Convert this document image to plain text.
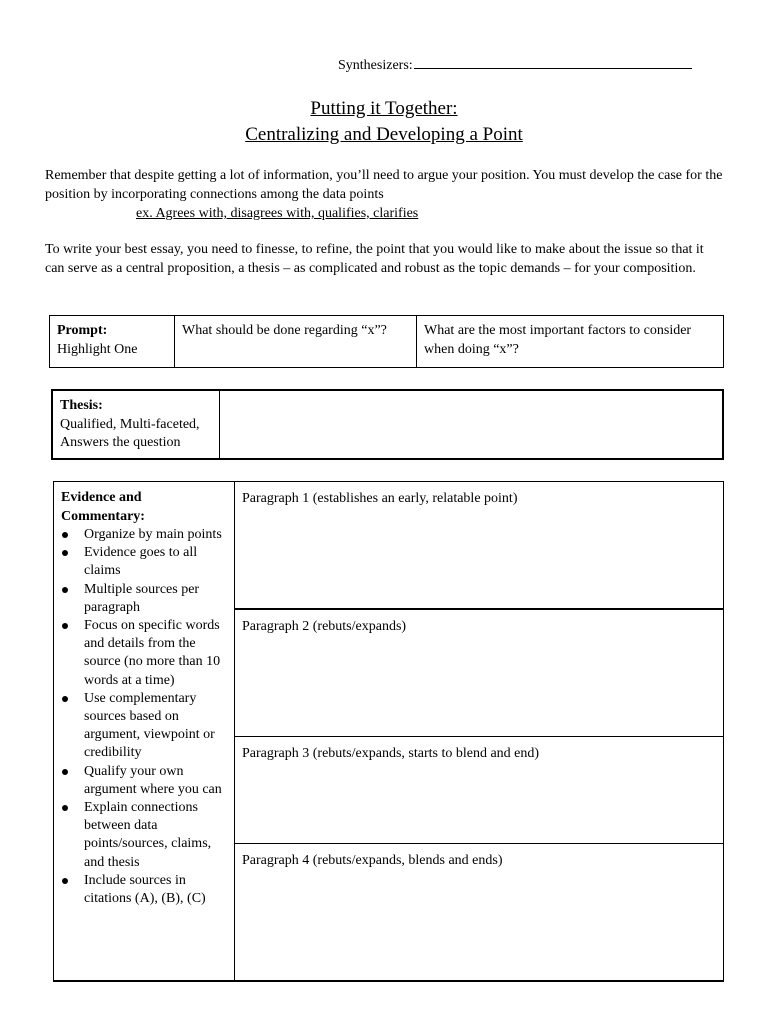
Synthesizers:
Putting it Together:
Centralizing and Developing a Point
Remember that despite getting a lot of information, you’ll need to argue your position. You must develop the case for the position by incorporating connections among the data points
ex. Agrees with, disagrees with, qualifies, clarifies
To write your best essay, you need to finesse, to refine, the point that you would like to make about the issue so that it can serve as a central proposition, a thesis – as complicated and robust as the topic demands – for your composition.
Prompt:
Highlight One
	What should be done regarding “x”?	What are the most important factors to consider when doing “x”?
Thesis:
Qualified, Multi-faceted, Answers the question

Evidence and Commentary:
Organize by main points
Evidence goes to all claims
Multiple sources per paragraph
Focus on specific words and details from the source (no more than 10 words at a time)
Use complementary sources based on argument, viewpoint or credibility
Qualify your own argument where you can
Explain connections between data points/sources, claims, and thesis
Include sources in citations (A), (B), (C)
	Paragraph 1 (establishes an early, relatable point)
Paragraph 2 (rebuts/expands)
Paragraph 3 (rebuts/expands, starts to blend and end)
Paragraph 4 (rebuts/expands, blends and ends)
